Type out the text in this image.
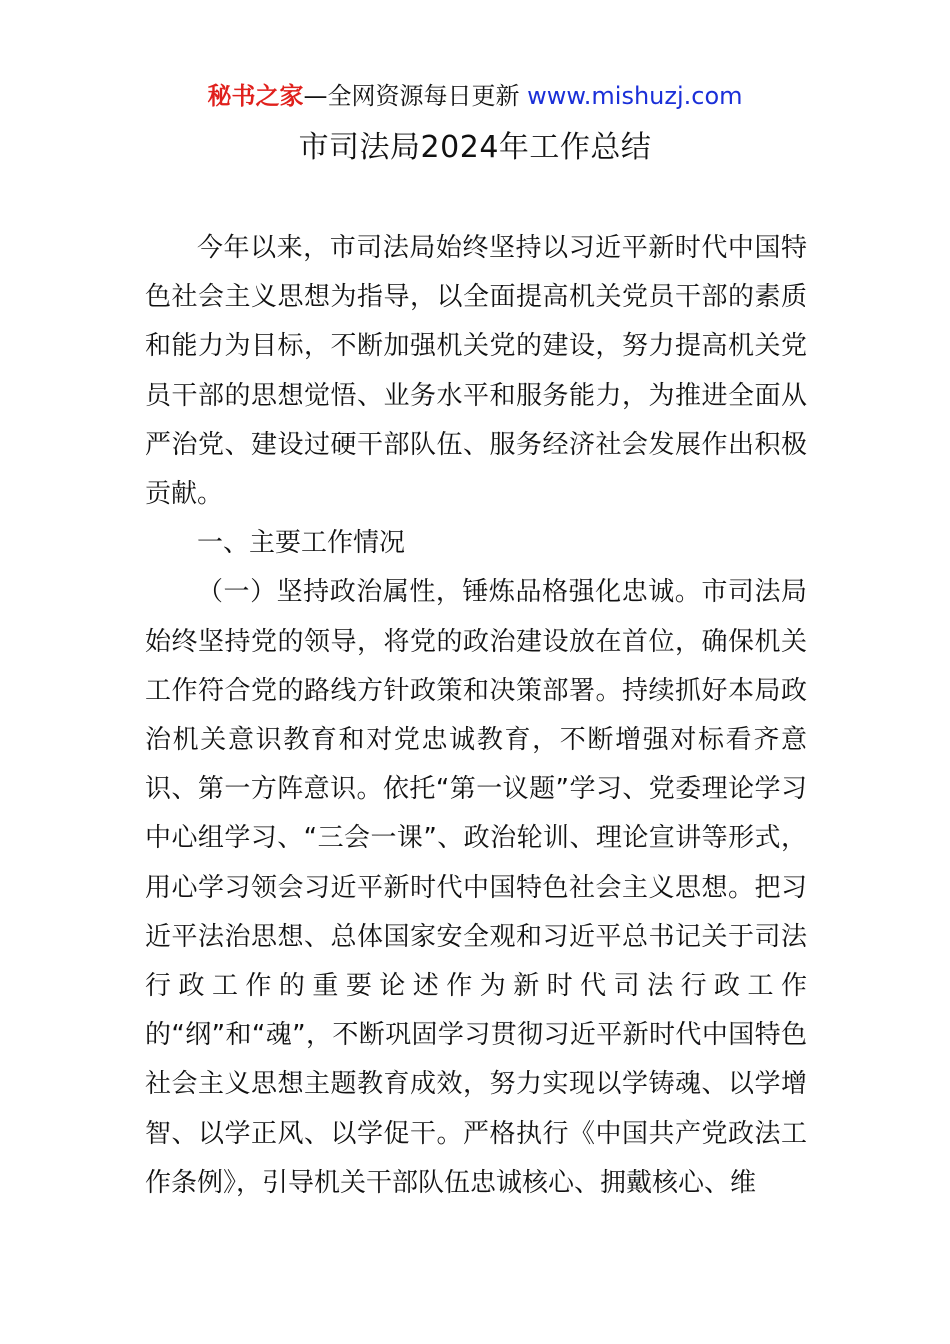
秘书之家—全网资源每日更新 www.mishuzj.com
市司法局2024年工作总结

今年以来，市司法局始终坚持以习近平新时代中国特色社会主义思想为指导，以全面提高机关党员干部的素质和能力为目标，不断加强机关党的建设，努力提高机关党员干部的思想觉悟、业务水平和服务能力，为推进全面从严治党、建设过硬干部队伍、服务经济社会发展作出积极贡献。

一、主要工作情况

（一）坚持政治属性，锤炼品格强化忠诚。市司法局始终坚持党的领导，将党的政治建设放在首位，确保机关工作符合党的路线方针政策和决策部署。持续抓好本局政治机关意识教育和对党忠诚教育，不断增强对标看齐意识、第一方阵意识。依托“第一议题”学习、党委理论学习中心组学习、“三会一课”、政治轮训、理论宣讲等形式，用心学习领会习近平新时代中国特色社会主义思想。把习近平法治思想、总体国家安全观和习近平总书记关于司法行政工作的重要论述作为新时代司法行政工作的“纲”和“魂”，不断巩固学习贯彻习近平新时代中国特色社会主义思想主题教育成效，努力实现以学铸魂、以学增智、以学正风、以学促干。严格执行《中国共产党政法工作条例》，引导机关干部队伍忠诚核心、拥戴核心、维
